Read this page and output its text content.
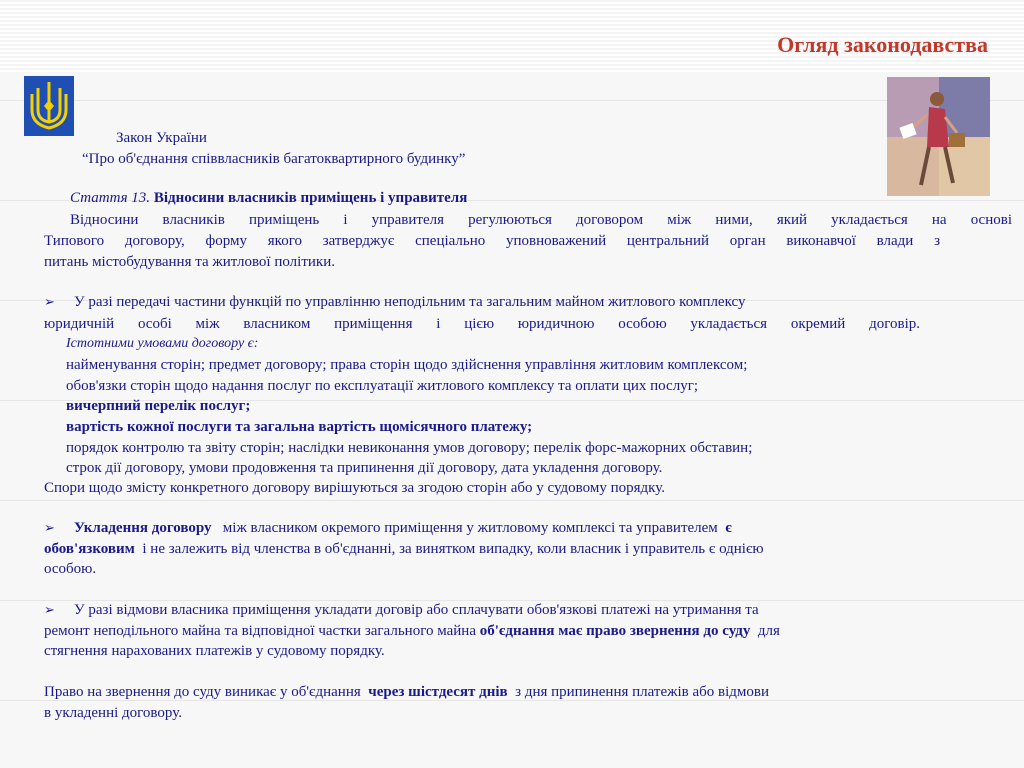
Огляд законодавства
Закон України
“Про об'єднання співвласників багатоквартирного будинку”
Стаття 13. Відносини власників приміщень і управителя
Відносини власників приміщень і управителя регулюються договором між ними, який укладається на основі
Типового договору, форму якого затверджує спеціально уповноважений центральний орган виконавчої влади з
питань містобудування та житлової політики.
➢ У разі передачі частини функцій по управлінню неподільним та загальним майном житлового комплексу
юридичній особі між власником приміщення і цією юридичною особою укладається окремий договір.
Істотними умовами договору є:
найменування сторін; предмет договору; права сторін щодо здійснення управління житловим комплексом;
обов'язки сторін щодо надання послуг по експлуатації житлового комплексу та оплати цих послуг;
вичерпний перелік послуг;
вартість кожної послуги та загальна вартість щомісячного платежу;
порядок контролю та звіту сторін; наслідки невиконання умов договору; перелік форс-мажорних обставин;
строк дії договору, умови продовження та припинення дії договору, дата укладення договору.
Спори щодо змісту конкретного договору вирішуються за згодою сторін або у судовому порядку.
➢ Укладення договору між власником окремого приміщення у житловому комплексі та управителем є
обов'язковим і не залежить від членства в об'єднанні, за винятком випадку, коли власник і управитель є однією
особою.
➢ У разі відмови власника приміщення укладати договір або сплачувати обов'язкові платежі на утримання та
ремонт неподільного майна та відповідної частки загального майна об'єднання має право звернення до суду для
стягнення нарахованих платежів у судовому порядку.
Право на звернення до суду виникає у об'єднання через шістдесят днів з дня припинення платежів або відмови
в укладенні договору.
